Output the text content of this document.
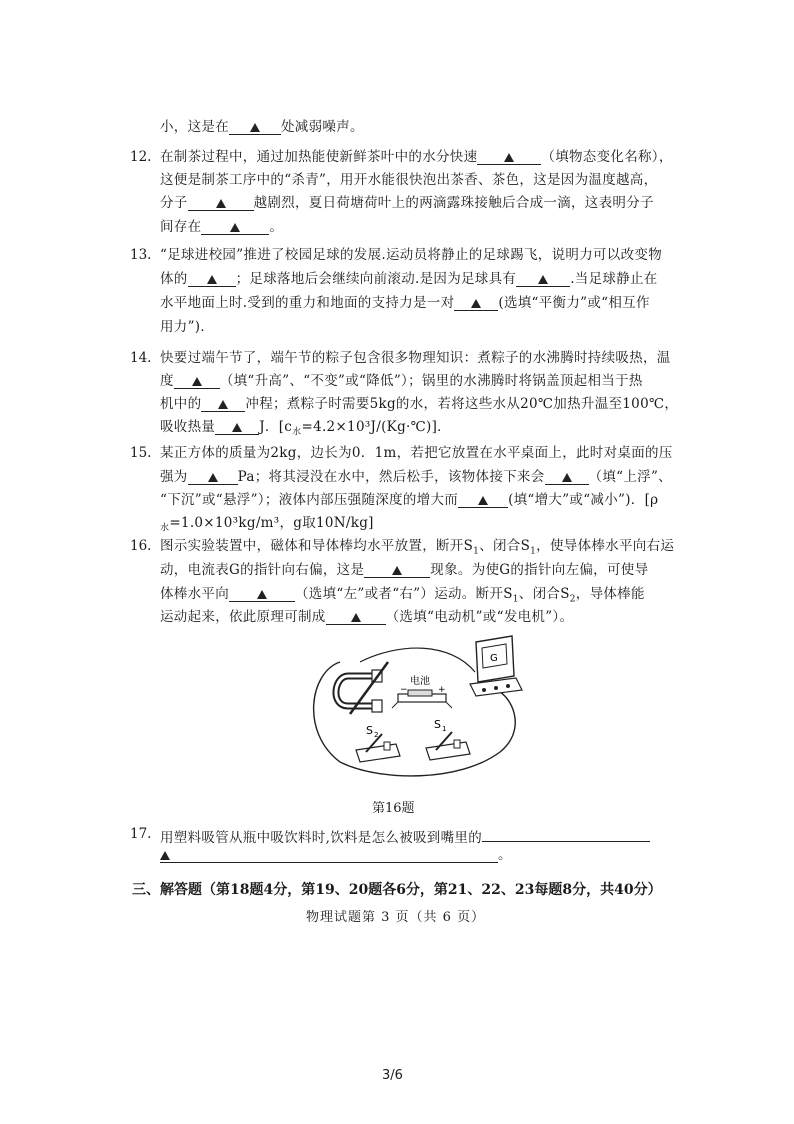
小，这是在	处减弱噪声。
12. 在制茶过程中，通过加热能使新鲜茶叶中的水分快速	（填物态变化名称），
这便是制茶工序中的“杀青”，用开水能很快泡出茶香、茶色，这是因为温度越高，
分子	越剧烈，夏日荷塘荷叶上的两滴露珠接触后合成一滴，这表明分子
间存在	。
13. “足球进校园”推进了校园足球的发展.运动员将静止的足球踢飞，说明力可以改变物
体的	；足球落地后会继续向前滚动.是因为足球具有	.当足球静止在
水平地面上时.受到的重力和地面的支持力是一对	(选填“平衡力”或“相互作
用力”)．
14. 快要过端午节了，端午节的粽子包含很多物理知识：煮粽子的水沸腾时持续吸热，温
度	（填“升高”、“不变”或“降低”）；锅里的水沸腾时将锅盖顶起相当于热
机中的	冲程；煮粽子时需要5kg的水，若将这些水从20℃加热升温至100℃，
吸收热量	J．$[c_水=4.2\times 10^3J/(Kg\cdot℃)]$．
15. 某正方体的质量为2kg，边长为0．1m，若把它放置在水平桌面上，此时对桌面的压
强为	Pa；将其浸没在水中，然后松手，该物体接下来会	（填“上浮”、
“下沉”或“悬浮”）；液体内部压强随深度的增大而	(填“增大”或“减小”)．[ρ
$_水$=1.0×10³kg/m³，g取10N/kg]
16. 图示实验装置中，磁体和导体棒均水平放置，断开$S_1$、闭合$S_1$，使导体棒水平向右运
动，电流表G的指针向右偏，这是	现象。为使G的指针向左偏，可使导
体棒水平向	（选填“左”或者“右”）运动。断开$S_1$、闭合$S_2$，导体棒能
运动起来，依此原理可制成	（选填“电动机”或“发电机”）。
电池
−	+
G
S 2
S 1
第16题
17. 用塑料吸管从瓶中吸饮料时,饮料是怎么被吸到嘴里的
。
三、解答题（第18题4分，第19、20题各6分，第21、22、23每题8分，共40分）
物理试题第 3 页（共 6 页）
3/6
